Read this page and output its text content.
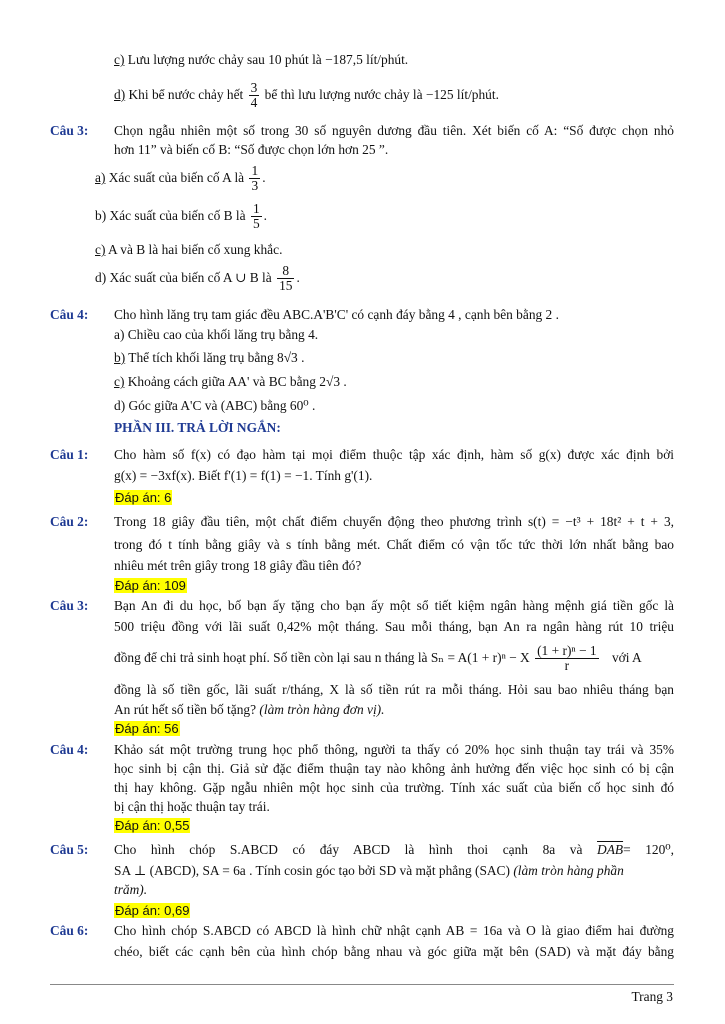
c) Lưu lượng nước chảy sau 10 phút là −187,5 lít/phút.
d) Khi bể nước chảy hết $\frac{3}{4}$ bể thì lưu lượng nước chảy là −125 lít/phút.
Câu 3: Chọn ngẫu nhiên một số trong 30 số nguyên dương đầu tiên. Xét biến cố A: “Số được chọn nhỏ
hơn 11” và biến cố B: “Số được chọn lớn hơn 25 ”.
a) Xác suất của biến cố A là $\frac{1}{3}$ .
b) Xác suất của biến cố B là $\frac{1}{5}$ .
c) A và B là hai biến cố xung khắc.
d) Xác suất của biến cố A ∪ B là $\frac{8}{15}$ .
Câu 4: Cho hình lăng trụ tam giác đều ABC.A'B'C' có cạnh đáy bằng 4 , cạnh bên bằng 2 .
a) Chiều cao của khối lăng trụ bằng 4.
b) Thể tích khối lăng trụ bằng 8√3 .
c) Khoảng cách giữa AA' và BC bằng 2√3 .
d) Góc giữa A'C và (ABC) bằng 60⁰ .
PHẦN III. TRẢ LỜI NGẮN:
Câu 1: Cho hàm số f(x) có đạo hàm tại mọi điểm thuộc tập xác định, hàm số g(x) được xác định bởi
g(x) = −3xf(x). Biết f'(1) = f(1) = −1. Tính g'(1).
Đáp án: 6
Câu 2: Trong 18 giây đầu tiên, một chất điểm chuyển động theo phương trình s(t) = −t³ + 18t² + t + 3,
trong đó t tính bằng giây và s tính bằng mét. Chất điểm có vận tốc tức thời lớn nhất bằng bao
nhiêu mét trên giây trong 18 giây đầu tiên đó?
Đáp án: 109
Câu 3: Bạn An đi du học, bố bạn ấy tặng cho bạn ấy một sổ tiết kiệm ngân hàng mệnh giá tiền gốc là
500 triệu đồng với lãi suất 0,42% một tháng. Sau mỗi tháng, bạn An ra ngân hàng rút 10 triệu
đồng để chi trả sinh hoạt phí. Số tiền còn lại sau n tháng là Sₙ = A(1 + r)ⁿ − X $\frac{\text{(1 + r)ⁿ − 1}}{r}$ với A
đồng là số tiền gốc, lãi suất r/tháng, X là số tiền rút ra mỗi tháng. Hỏi sau bao nhiêu tháng bạn
An rút hết số tiền bố tặng? (làm tròn hàng đơn vị).
Đáp án: 56
Câu 4: Khảo sát một trường trung học phổ thông, người ta thấy có 20% học sinh thuận tay trái và 35%
học sinh bị cận thị. Giả sử đặc điểm thuận tay nào không ảnh hưởng đến việc học sinh có bị cận
thị hay không. Gặp ngẫu nhiên một học sinh của trường. Tính xác suất của biến cố học sinh đó
bị cận thị hoặc thuận tay trái.
Đáp án: 0,55
Câu 5: Cho hình chóp S.ABCD có đáy ABCD là hình thoi cạnh 8a và $\overline{DAB}= 120^0$,
SA ⊥ (ABCD), SA = 6a . Tính cosin góc tạo bởi SD và mặt phẳng (SAC) (làm tròn hàng phần
trăm).
Đáp án: 0,69
Câu 6: Cho hình chóp S.ABCD có ABCD là hình chữ nhật cạnh AB = 16a và O là giao điểm hai đường
chéo, biết các cạnh bên của hình chóp bằng nhau và góc giữa mặt bên (SAD) và mặt đáy bằng
Trang 3
